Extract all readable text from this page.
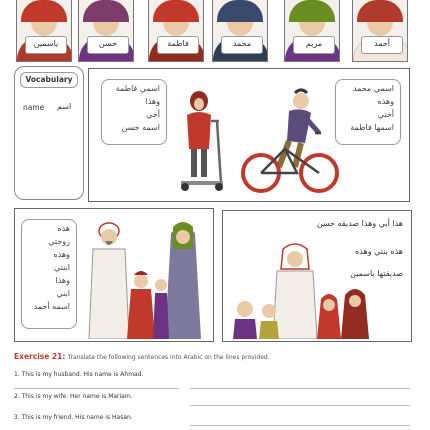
ياسمين	حسن	فاطمة	محمد	مريم	أحمد
Vocabulary
name اسم
اسمي فاطمة
وهذا
أخي
اسمه حسن
اسمي محمد
وهذه
أختي
اسمها فاطمة
هذه
زوجتي
وهذه
ابنتي
وهذا
ابني
اسمه أحمد
هذا أبي وهذا صديقه حسن
هذه بنتي وهذه
صديقتها ياسمين
Exercise 21: Translate the following sentences into Arabic on the lines provided.
1. This is my husband. His name is Ahmad.
2. This is my wife. Her name is Mariam.
3. This is my friend. His name is Hasan.
